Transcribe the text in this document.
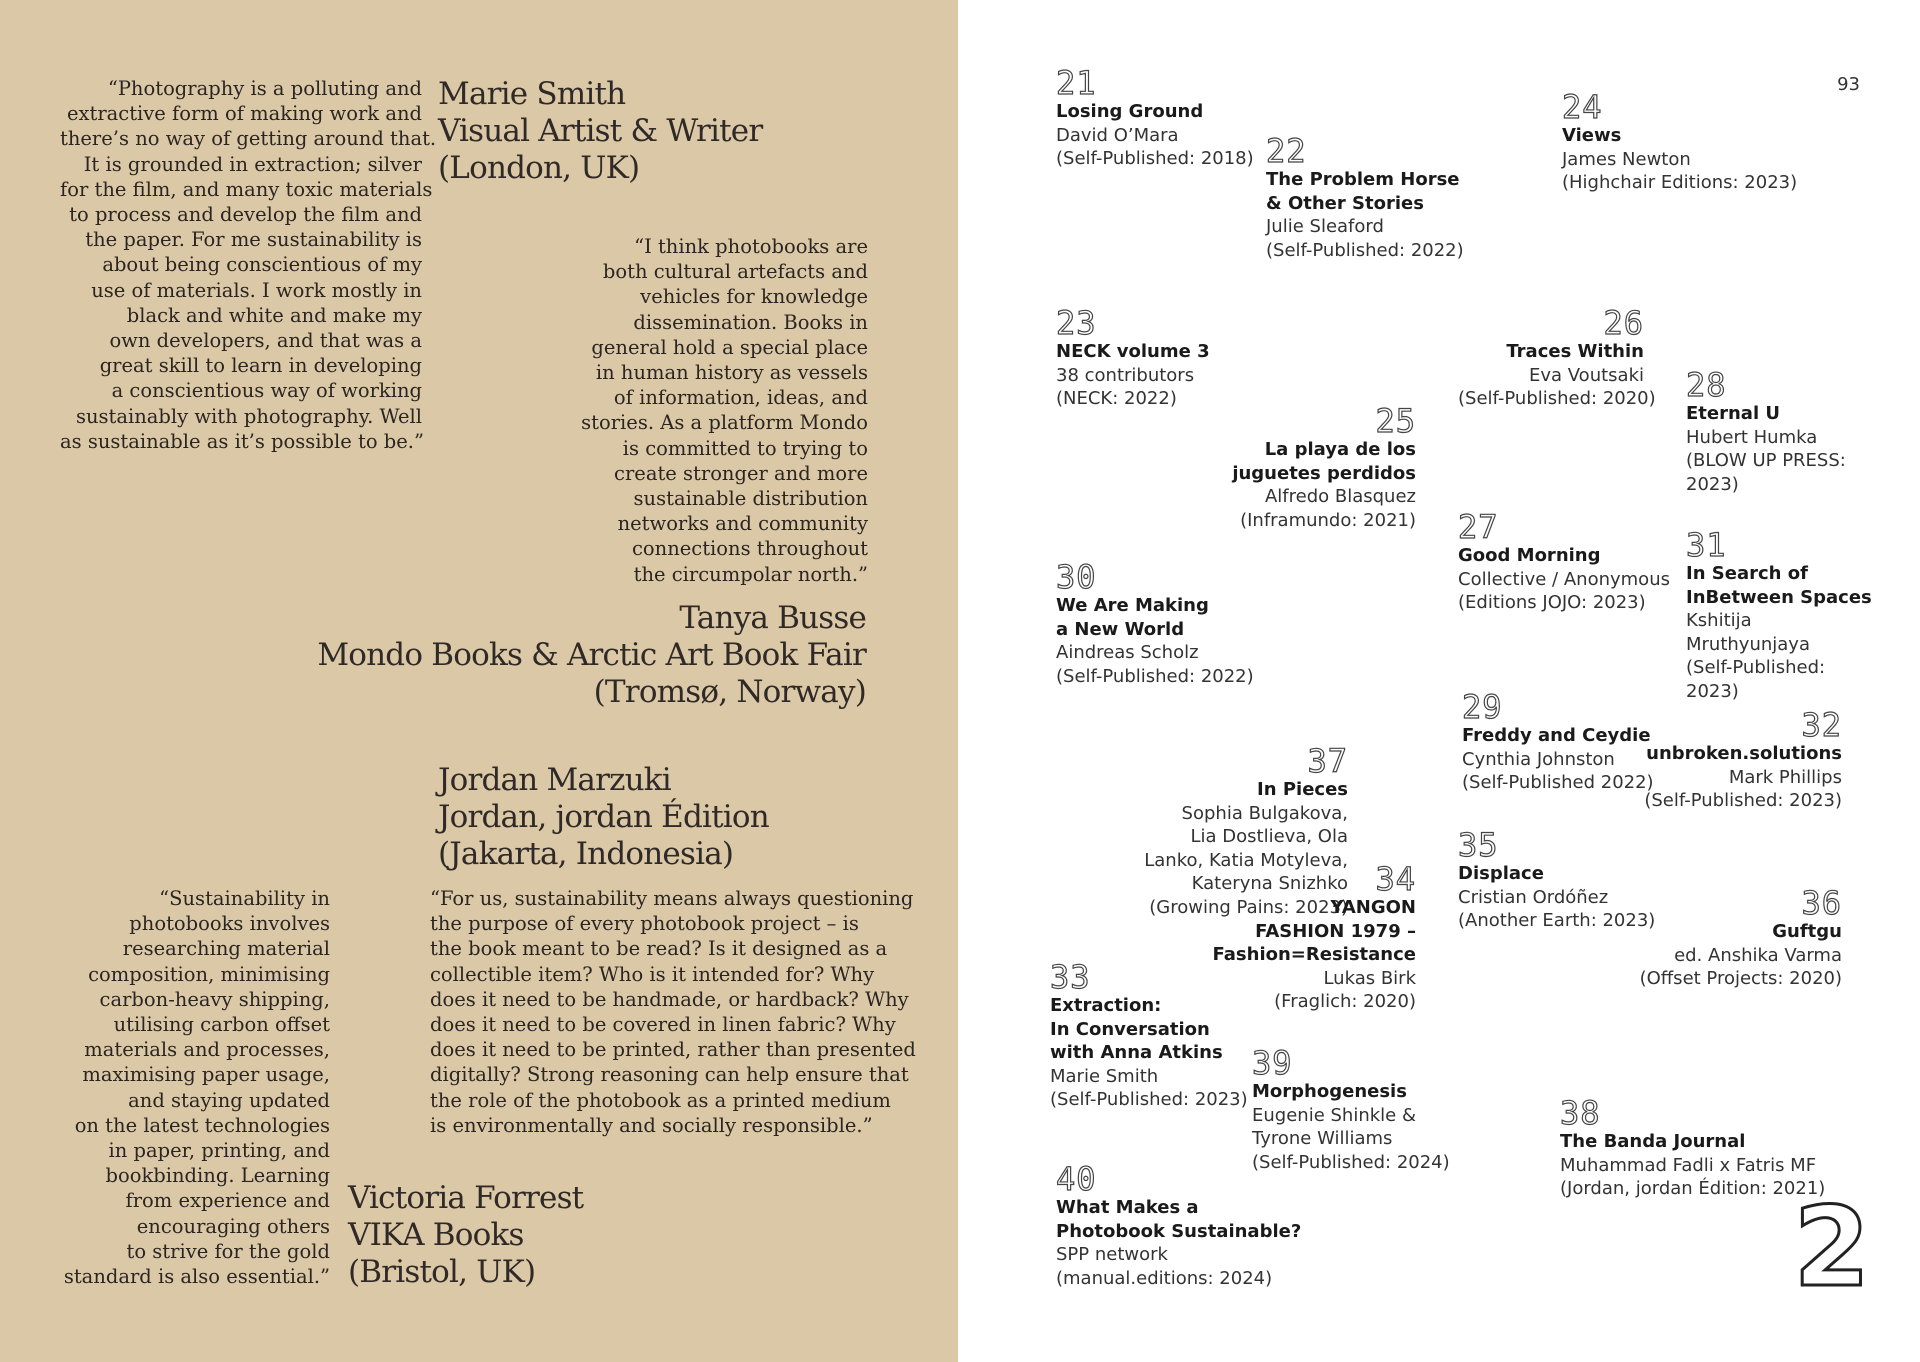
“Photography is a polluting and
extractive form of making work and
there’s no way of getting around that.
It is grounded in extraction; silver
for the film, and many toxic materials
to process and develop the film and
the paper. For me sustainability is
about being conscientious of my
use of materials. I work mostly in
black and white and make my
own developers, and that was a
great skill to learn in developing
a conscientious way of working
sustainably with photography. Well
as sustainable as it’s possible to be.”
Marie Smith
Visual Artist & Writer
(London, UK)
“I think photobooks are
both cultural artefacts and
vehicles for knowledge
dissemination. Books in
general hold a special place
in human history as vessels
of information, ideas, and
stories. As a platform Mondo
is committed to trying to
create stronger and more
sustainable distribution
networks and community
connections throughout
the circumpolar north.”
Tanya Busse
Mondo Books & Arctic Art Book Fair
(Tromsø, Norway)
Jordan Marzuki
Jordan, jordan Édition
(Jakarta, Indonesia)
“For us, sustainability means always questioning
the purpose of every photobook project – is
the book meant to be read? Is it designed as a
collectible item? Who is it intended for? Why
does it need to be handmade, or hardback? Why
does it need to be covered in linen fabric? Why
does it need to be printed, rather than presented
digitally? Strong reasoning can help ensure that
the role of the photobook as a printed medium
is environmentally and socially responsible.”
“Sustainability in
photobooks involves
researching material
composition, minimising
carbon-heavy shipping,
utilising carbon offset
materials and processes,
maximising paper usage,
and staying updated
on the latest technologies
in paper, printing, and
bookbinding. Learning
from experience and
encouraging others
to strive for the gold
standard is also essential.”
Victoria Forrest
VIKA Books
(Bristol, UK)
93
21
Losing Ground
David O’Mara
(Self-Published: 2018) 22
The Problem Horse
& Other Stories
Julie Sleaford
(Self-Published: 2022)
24
Views
James Newton
(Highchair Editions: 2023)
23
NECK volume 3
38 contributors
(NECK: 2022)
26
Traces Within
Eva Voutsaki
(Self-Published: 2020) 28
Eternal U
Hubert Humka
(BLOW UP PRESS:
2023)
25
La playa de los
juguetes perdidos
Alfredo Blasquez
(Inframundo: 2021) 27
Good Morning
Collective / Anonymous
(Editions JOJO: 2023)
31
In Search of
InBetween Spaces
Kshitija
Mruthyunjaya
(Self-Published:
2023)
30
We Are Making
a New World
Aindreas Scholz
(Self-Published: 2022)
29
Freddy and Ceydie
Cynthia Johnston
(Self-Published 2022)
32
unbroken.solutions
Mark Phillips
(Self-Published: 2023)
37
In Pieces
Sophia Bulgakova,
Lia Dostlieva, Ola
Lanko, Katia Motyleva,
Kateryna Snizhko
(Growing Pains: 2023)
35
Displace
Cristian Ordóñez
(Another Earth: 2023)
34
YANGON
FASHION 1979 –
Fashion=Resistance
Lukas Birk
(Fraglich: 2020)
36
Guftgu
ed. Anshika Varma
(Offset Projects: 2020)
33
Extraction:
In Conversation
with Anna Atkins
Marie Smith
(Self-Published: 2023)
39
Morphogenesis
Eugenie Shinkle &
Tyrone Williams
(Self-Published: 2024)
38
The Banda Journal
Muhammad Fadli x Fatris MF
(Jordan, jordan Édition: 2021)
40
What Makes a
Photobook Sustainable?
SPP network
(manual.editions: 2024)	2
